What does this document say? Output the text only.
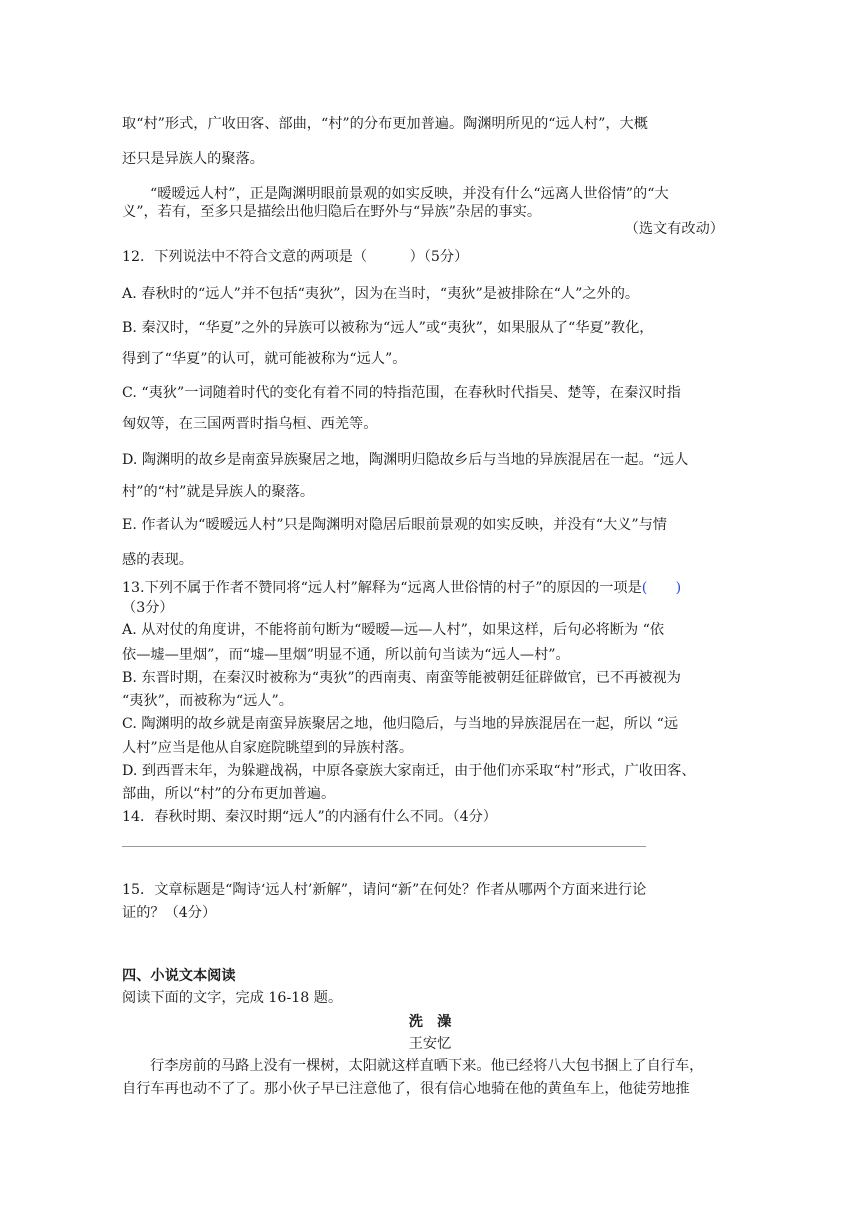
取“村”形式，广收田客、部曲，“村”的分布更加普遍。陶渊明所见的“远人村”，大概
还只是异族人的聚落。
“暧暧远人村”，正是陶渊明眼前景观的如实反映，并没有什么“远离人世俗情”的“大
义”，若有，至多只是描绘出他归隐后在野外与“异族”杂居的事实。
（选文有改动）
12．下列说法中不符合文意的两项是（　　　）（5分）
A. 春秋时的“远人”并不包括“夷狄”，因为在当时，“夷狄”是被排除在“人”之外的。
B. 秦汉时，“华夏”之外的异族可以被称为“远人”或“夷狄”，如果服从了“华夏”教化，
得到了“华夏”的认可，就可能被称为“远人”。
C. “夷狄”一词随着时代的变化有着不同的特指范围，在春秋时代指吴、楚等，在秦汉时指
匈奴等，在三国两晋时指乌桓、西羌等。
D. 陶渊明的故乡是南蛮异族聚居之地，陶渊明归隐故乡后与当地的异族混居在一起。“远人
村”的“村”就是异族人的聚落。
E. 作者认为“暧暧远人村”只是陶渊明对隐居后眼前景观的如实反映，并没有“大义”与情
感的表现。
13.下列不属于作者不赞同将“远人村”解释为“远离人世俗情的村子”的原因的一项是(　　)
（3分）
A. 从对仗的角度讲，不能将前句断为“暧暧—远—人村”，如果这样，后句必将断为 “依
依—墟—里烟”，而“墟—里烟”明显不通，所以前句当读为“远人—村”。
B. 东晋时期，在秦汉时被称为“夷狄”的西南夷、南蛮等能被朝廷征辟做官，已不再被视为
“夷狄”，而被称为“远人”。
C. 陶渊明的故乡就是南蛮异族聚居之地，他归隐后，与当地的异族混居在一起，所以 “远
人村”应当是他从自家庭院眺望到的异族村落。
D. 到西晋末年，为躲避战祸，中原各豪族大家南迁，由于他们亦采取“村”形式，广收田客、
部曲，所以“村”的分布更加普遍。
14．春秋时期、秦汉时期“远人”的内涵有什么不同。（4分）
15．文章标题是“陶诗‘远人村’新解”，请问“新”在何处？作者从哪两个方面来进行论
证的？（4分）
四、小说文本阅读
阅读下面的文字，完成 16-18 题。
洗　澡
王安忆
行李房前的马路上没有一棵树，太阳就这样直晒下来。他已经将八大包书捆上了自行车，
自行车再也动不了了。那小伙子早已注意他了，很有信心地骑在他的黄鱼车上，他徒劳地推
